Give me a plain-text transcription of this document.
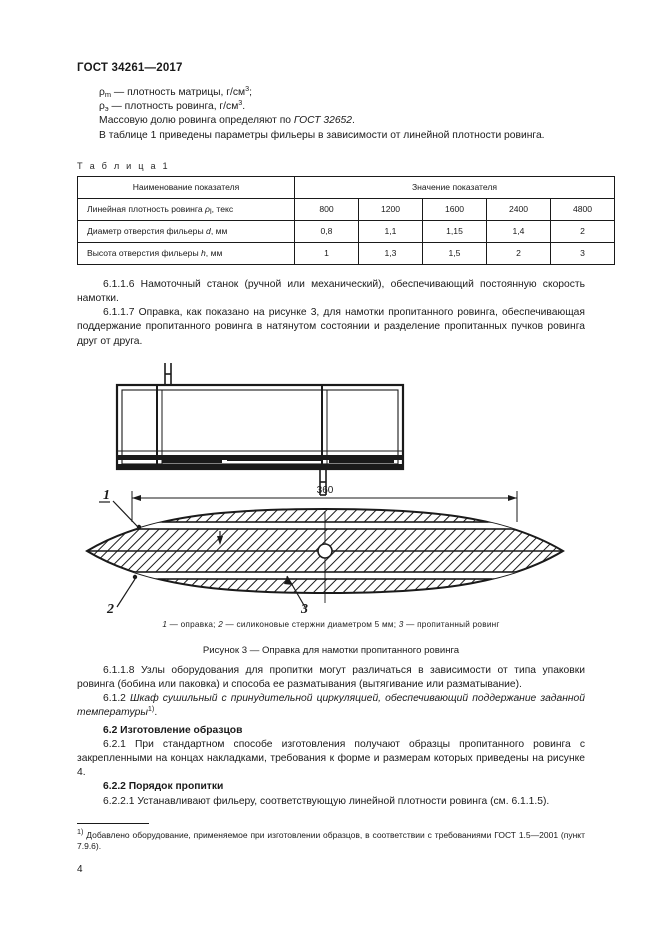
ГОСТ 34261—2017
$\rho_m$ — плотность матрицы, $г/см^3$;
$\rho_э$ — плотность ровинга, $г/см^3$.
Массовую долю ровинга определяют по ГОСТ 32652.
В таблице 1 приведены параметры фильеры в зависимости от линейной плотности ровинга.
Т а б л и ц а 1
Наименование показателя	Значение показателя				
Линейная плотность ровинга $\rho_l$, текс	800	1200	1600	2400	4800
Диаметр отверстия фильеры d, мм	0,8	1,1	1,15	1,4	2
Высота отверстия фильеры h, мм	1	1,3	1,5	2	3

6.1.1.6 Намоточный станок (ручной или механический), обеспечивающий постоянную скорость намотки.

6.1.1.7 Оправка, как показано на рисунке 3, для намотки пропитанного ровинга, обеспечивающая поддержание пропитанного ровинга в натянутом состоянии и разделение пропитанных пучков ровинга друг от друга.

1
2	3
360
1 — оправка; 2 — силиконовые стержни диаметром 5 мм; 3 — пропитанный ровинг
Рисунок 3 — Оправка для намотки пропитанного ровинга

6.1.1.8 Узлы оборудования для пропитки могут различаться в зависимости от типа упаковки ровинга (бобина или паковка) и способа ее разматывания (вытягивание или разматывание).

6.1.2 Шкаф сушильный с принудительной циркуляцией, обеспечивающий поддержание заданной температуры$^{1)}$.

6.2 Изготовление образцов

6.2.1 При стандартном способе изготовления получают образцы пропитанного ровинга с закрепленными на концах накладками, требования к форме и размерам которых приведены на рисунке 4.

6.2.2 Порядок пропитки

6.2.2.1 Устанавливают фильеру, соответствующую линейной плотности ровинга (см. 6.1.1.5).

$^{1)}$ Добавлено оборудование, применяемое при изготовлении образцов, в соответствии с требованиями ГОСТ 1.5—2001 (пункт 7.9.6).

4
